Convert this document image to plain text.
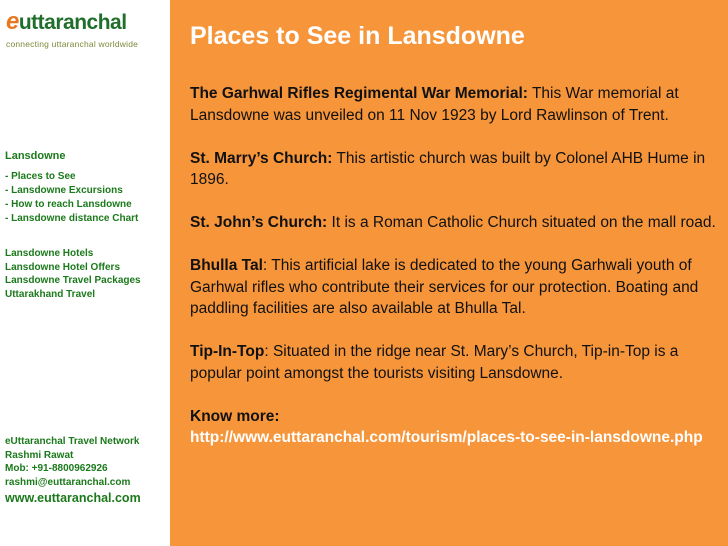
euttaranchal
connecting uttaranchal worldwide
Lansdowne
- Places to See
- Lansdowne Excursions
- How to reach Lansdowne
- Lansdowne distance Chart
Lansdowne Hotels
Lansdowne Hotel Offers
Lansdowne Travel Packages
Uttarakhand Travel
eUttaranchal Travel Network
Rashmi Rawat
Mob: +91-8800962926
rashmi@euttaranchal.com
www.euttaranchal.com
Places to See in Lansdowne
The Garhwal Rifles Regimental War Memorial: This War memorial at Lansdowne was unveiled on 11 Nov 1923 by Lord Rawlinson of Trent.
St. Marry’s Church: This artistic church was built by Colonel AHB Hume in 1896.
St. John’s Church: It is a Roman Catholic Church situated on the mall road.
Bhulla Tal: This artificial lake is dedicated to the young Garhwali youth of Garhwal rifles who contribute their services for our protection. Boating and paddling facilities are also available at Bhulla Tal.
Tip-In-Top: Situated in the ridge near St. Mary’s Church, Tip-in-Top is a popular point amongst the tourists visiting Lansdowne.
Know more:
http://www.euttaranchal.com/tourism/places-to-see-in-lansdowne.php
